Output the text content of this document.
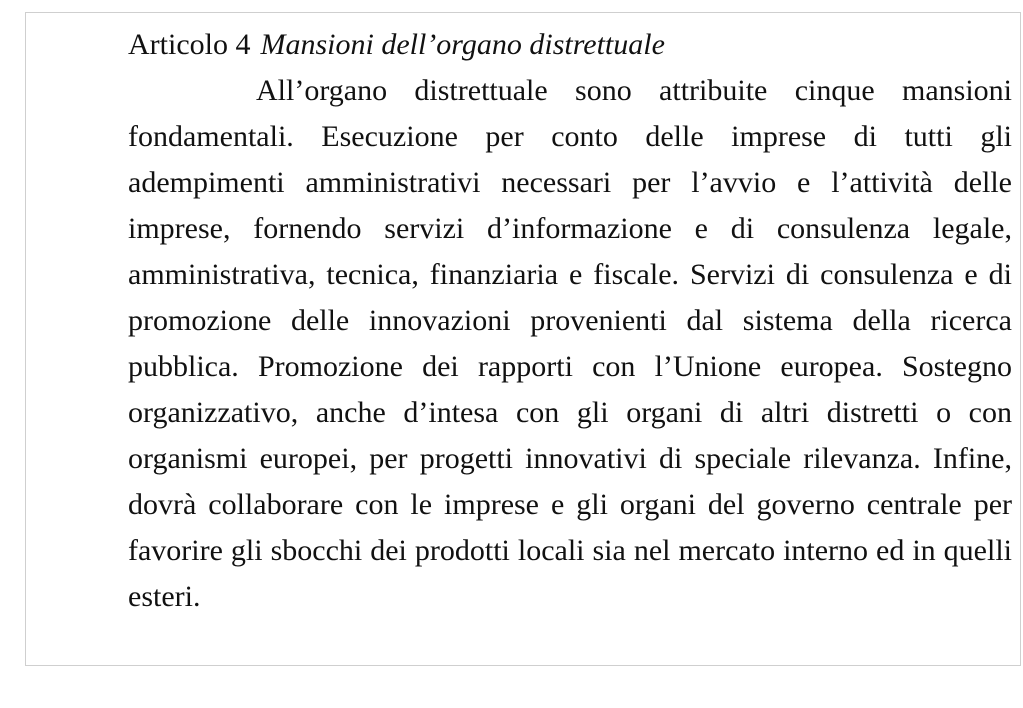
Articolo 4 Mansioni dell’organo distrettuale

All’organo distrettuale sono attribuite cinque mansioni fondamentali. Esecuzione per conto delle imprese di tutti gli adempimenti amministrativi necessari per l’avvio e l’attività delle imprese, fornendo servizi d’informazione e di consulenza legale, amministrativa, tecnica, finanziaria e fiscale. Servizi di consulenza e di promozione delle innovazioni provenienti dal sistema della ricerca pubblica. Promozione dei rapporti con l’Unione europea. Sostegno organizzativo, anche d’intesa con gli organi di altri distretti o con organismi europei, per progetti innovativi di speciale rilevanza. Infine, dovrà collaborare con le imprese e gli organi del governo centrale per favorire gli sbocchi dei prodotti locali sia nel mercato interno ed in quelli esteri.
